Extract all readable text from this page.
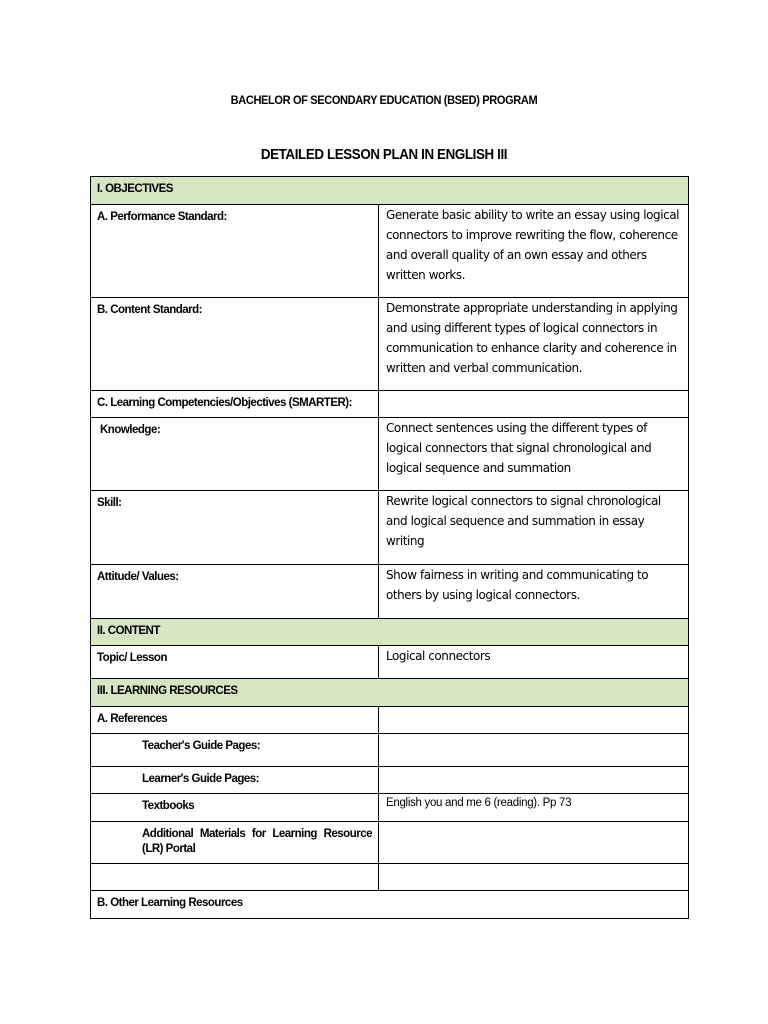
BACHELOR OF SECONDARY EDUCATION (BSED) PROGRAM
DETAILED LESSON PLAN IN ENGLISH III
I. OBJECTIVES	

A. Performance Standard:	Generate basic ability to write an essay using logical connectors to improve rewriting the flow, coherence and overall quality of an own essay and others written works.

B. Content Standard:	Demonstrate appropriate understanding in applying and using different types of logical connectors in communication to enhance clarity and coherence in written and verbal communication.

C. Learning Competencies/Objectives (SMARTER):	

Knowledge:	Connect sentences using the different types of logical connectors that signal chronological and logical sequence and summation

Skill:	Rewrite logical connectors to signal chronological and logical sequence and summation in essay writing

Attitude/ Values:	Show fairness in writing and communicating to others by using logical connectors.

II. CONTENT	

Topic/ Lesson	Logical connectors

III. LEARNING RESOURCES	

A. References	

Teacher's Guide Pages:	

Learner's Guide Pages:	

Textbooks	English you and me 6 (reading). Pp 73

Additional Materials for Learning Resource (LR) Portal	

B. Other Learning Resources	
